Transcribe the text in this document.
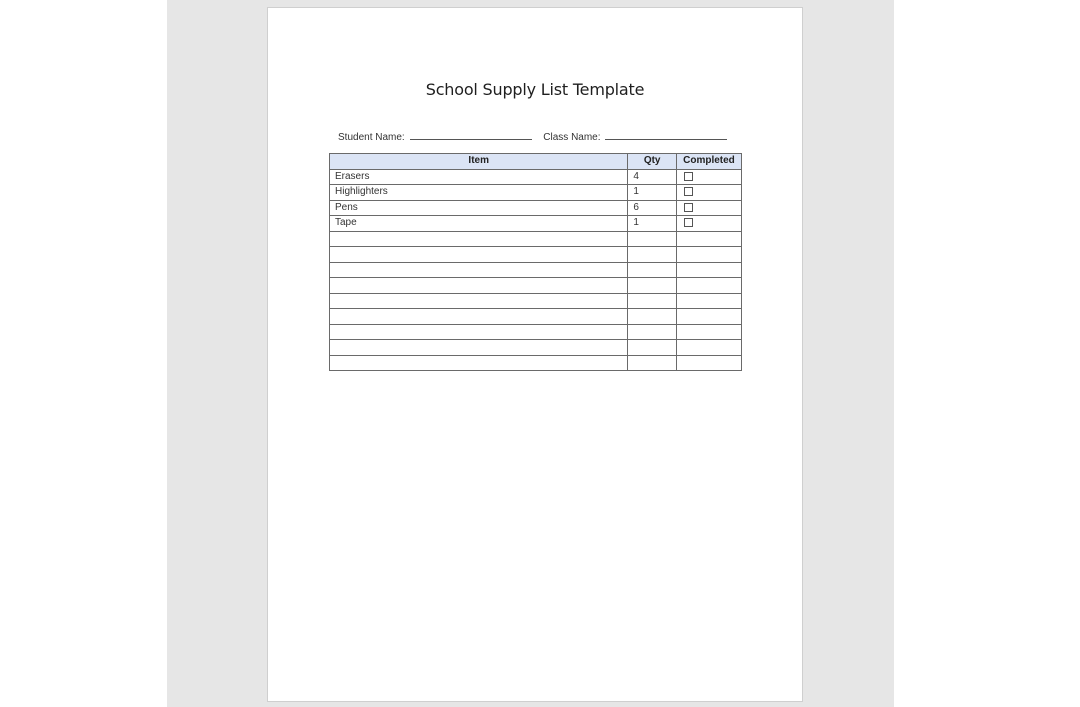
School Supply List Template
Student Name:	Class Name:
Item	Qty	Completed
Erasers	4	
Highlighters	1	
Pens	6	
Tape	1	
